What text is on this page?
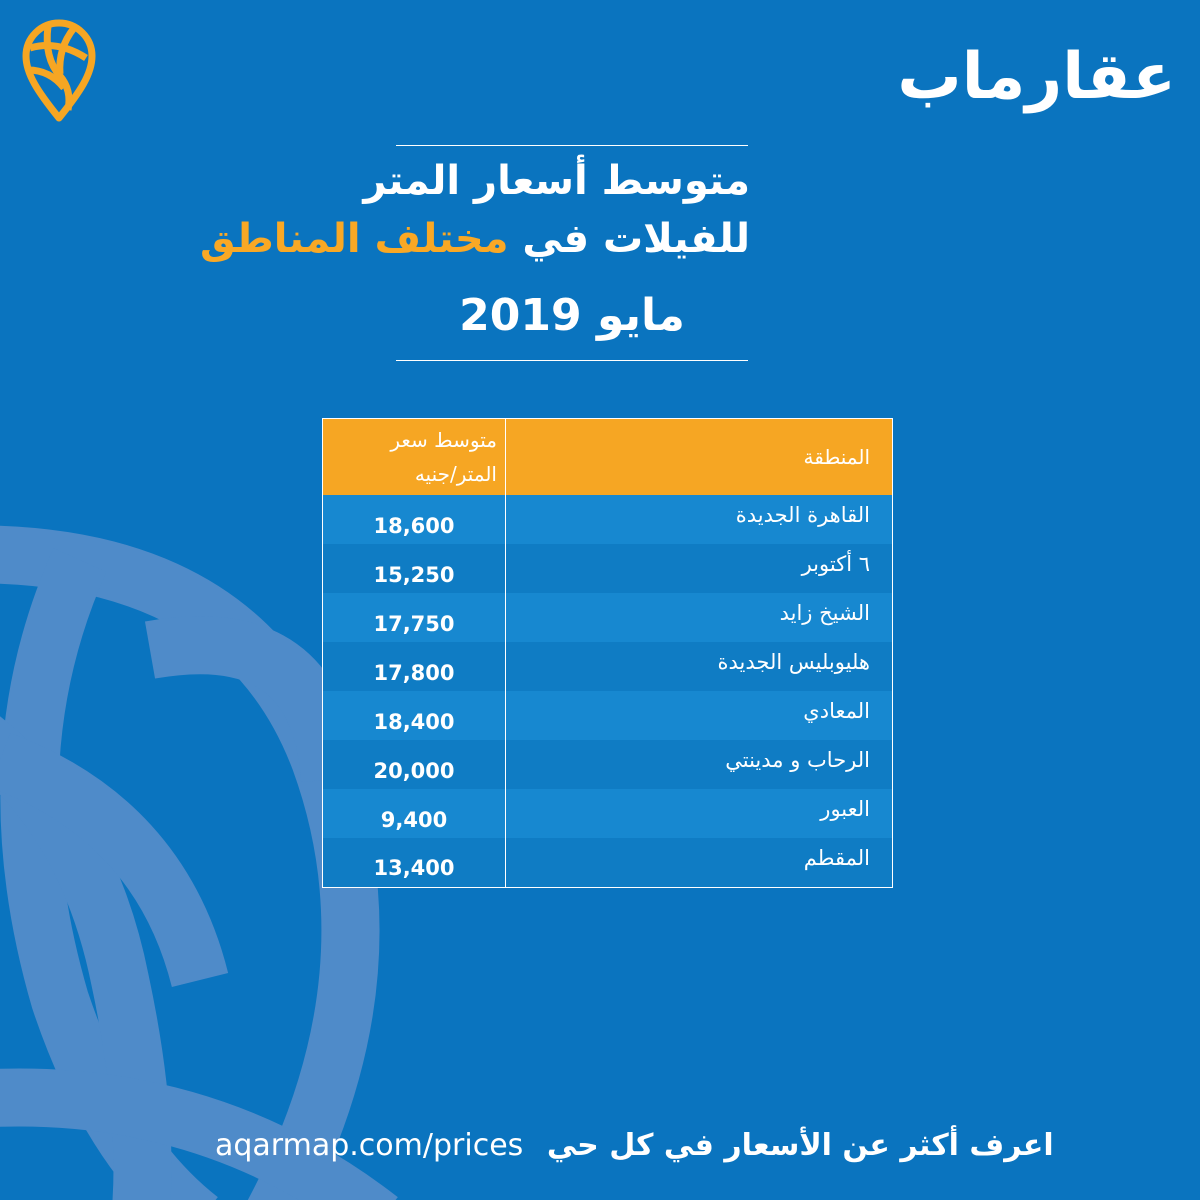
عقارماب
متوسط أسعار المتر
للفيلات في مختلف المناطق
مايو 2019
متوسط سعر
المتر/جنيه	المنطقة
18,600	القاهرة الجديدة
15,250	٦ أكتوبر
17,750	الشيخ زايد
17,800	هليوبليس الجديدة
18,400	المعادي
20,000	الرحاب و مدينتي
9,400	العبور
13,400	المقطم
aqarmap.com/prices اعرف أكثر عن الأسعار في كل حي
